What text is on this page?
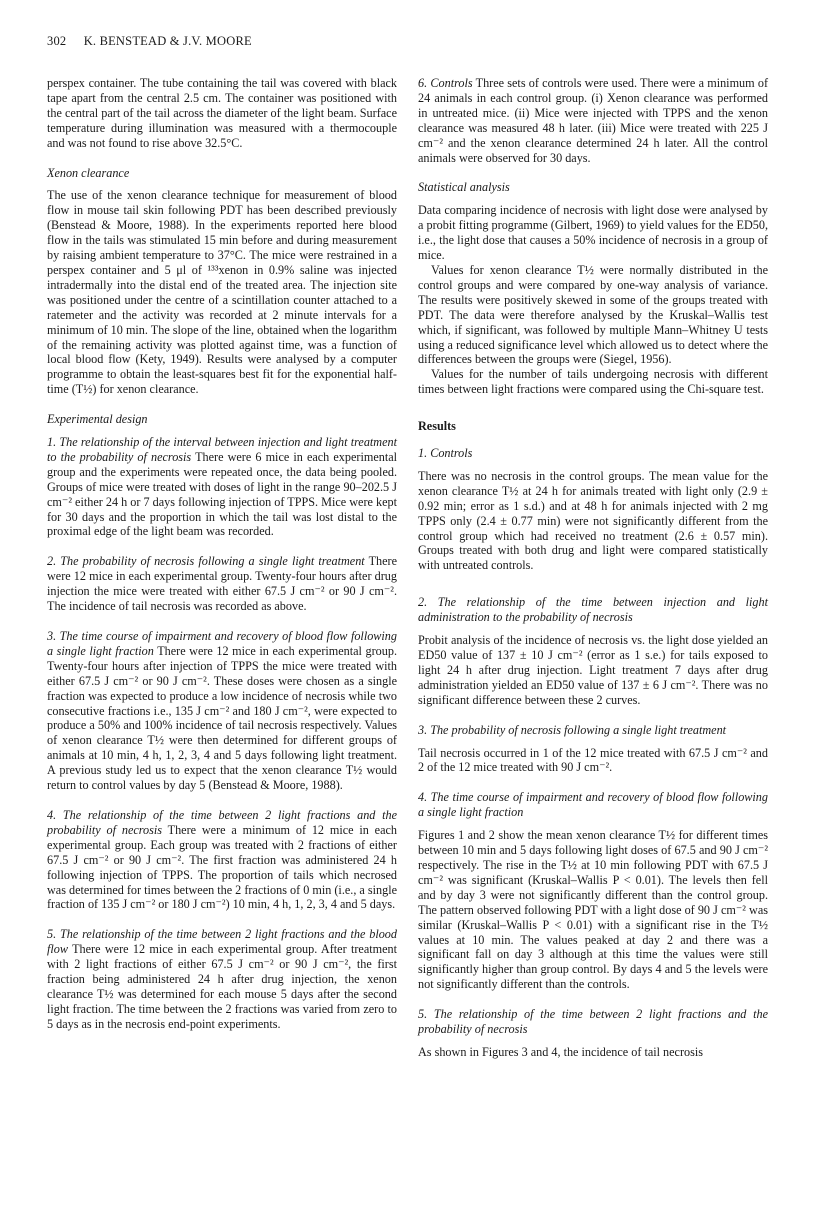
302 K. BENSTEAD & J.V. MOORE

perspex container. The tube containing the tail was covered with black tape apart from the central 2.5 cm. The container was positioned with the central part of the tail across the diameter of the light beam. Surface temperature during illumination was measured with a thermocouple and was not found to rise above 32.5°C.

Xenon clearance

The use of the xenon clearance technique for measurement of blood flow in mouse tail skin following PDT has been described previously (Benstead & Moore, 1988). In the experiments reported here blood flow in the tails was stimulated 15 min before and during measurement by raising ambient temperature to 37°C. The mice were restrained in a perspex container and 5 μl of ¹³³xenon in 0.9% saline was injected intradermally into the distal end of the treated area. The injection site was positioned under the centre of a scintillation counter attached to a ratemeter and the activity was recorded at 2 minute intervals for a minimum of 10 min. The slope of the line, obtained when the logarithm of the remaining activity was plotted against time, was a function of local blood flow (Kety, 1949). Results were analysed by a computer programme to obtain the least-squares best fit for the exponential half-time (T½) for xenon clearance.

Experimental design

1. The relationship of the interval between injection and light treatment to the probability of necrosis There were 6 mice in each experimental group and the experiments were repeated once, the data being pooled. Groups of mice were treated with doses of light in the range 90–202.5 J cm⁻² either 24 h or 7 days following injection of TPPS. Mice were kept for 30 days and the proportion in which the tail was lost distal to the proximal edge of the light beam was recorded.

2. The probability of necrosis following a single light treatment There were 12 mice in each experimental group. Twenty-four hours after drug injection the mice were treated with either 67.5 J cm⁻² or 90 J cm⁻². The incidence of tail necrosis was recorded as above.

3. The time course of impairment and recovery of blood flow following a single light fraction There were 12 mice in each experimental group. Twenty-four hours after injection of TPPS the mice were treated with either 67.5 J cm⁻² or 90 J cm⁻². These doses were chosen as a single fraction was expected to produce a low incidence of necrosis while two consecutive fractions i.e., 135 J cm⁻² and 180 J cm⁻², were expected to produce a 50% and 100% incidence of tail necrosis respectively. Values of xenon clearance T½ were then determined for different groups of animals at 10 min, 4 h, 1, 2, 3, 4 and 5 days following light treatment. A previous study led us to expect that the xenon clearance T½ would return to control values by day 5 (Benstead & Moore, 1988).

4. The relationship of the time between 2 light fractions and the probability of necrosis There were a minimum of 12 mice in each experimental group. Each group was treated with 2 fractions of either 67.5 J cm⁻² or 90 J cm⁻². The first fraction was administered 24 h following injection of TPPS. The proportion of tails which necrosed was determined for times between the 2 fractions of 0 min (i.e., a single fraction of 135 J cm⁻² or 180 J cm⁻²) 10 min, 4 h, 1, 2, 3, 4 and 5 days.

5. The relationship of the time between 2 light fractions and the blood flow There were 12 mice in each experimental group. After treatment with 2 light fractions of either 67.5 J cm⁻² or 90 J cm⁻², the first fraction being administered 24 h after drug injection, the xenon clearance T½ was determined for each mouse 5 days after the second light fraction. The time between the 2 fractions was varied from zero to 5 days as in the necrosis end-point experiments.

6. Controls Three sets of controls were used. There were a minimum of 24 animals in each control group. (i) Xenon clearance was performed in untreated mice. (ii) Mice were injected with TPPS and the xenon clearance was measured 48 h later. (iii) Mice were treated with 225 J cm⁻² and the xenon clearance determined 24 h later. All the control animals were observed for 30 days.

Statistical analysis

Data comparing incidence of necrosis with light dose were analysed by a probit fitting programme (Gilbert, 1969) to yield values for the ED50, i.e., the light dose that causes a 50% incidence of necrosis in a group of mice.

Values for xenon clearance T½ were normally distributed in the control groups and were compared by one-way analysis of variance. The results were positively skewed in some of the groups treated with PDT. The data were therefore analysed by the Kruskal–Wallis test which, if significant, was followed by multiple Mann–Whitney U tests using a reduced significance level which allowed us to detect where the differences between the groups were (Siegel, 1956).

Values for the number of tails undergoing necrosis with different times between light fractions were compared using the Chi-square test.

Results
1. Controls

There was no necrosis in the control groups. The mean value for the xenon clearance T½ at 24 h for animals treated with light only (2.9 ± 0.92 min; error as 1 s.d.) and at 48 h for animals injected with 2 mg TPPS only (2.4 ± 0.77 min) were not significantly different from the control group which had received no treatment (2.6 ± 0.57 min). Groups treated with both drug and light were compared statistically with untreated controls.

2. The relationship of the time between injection and light administration to the probability of necrosis

Probit analysis of the incidence of necrosis vs. the light dose yielded an ED50 value of 137 ± 10 J cm⁻² (error as 1 s.e.) for tails exposed to light 24 h after drug injection. Light treatment 7 days after drug administration yielded an ED50 value of 137 ± 6 J cm⁻². There was no significant difference between these 2 curves.

3. The probability of necrosis following a single light treatment

Tail necrosis occurred in 1 of the 12 mice treated with 67.5 J cm⁻² and 2 of the 12 mice treated with 90 J cm⁻².

4. The time course of impairment and recovery of blood flow following a single light fraction

Figures 1 and 2 show the mean xenon clearance T½ for different times between 10 min and 5 days following light doses of 67.5 and 90 J cm⁻² respectively. The rise in the T½ at 10 min following PDT with 67.5 J cm⁻² was significant (Kruskal–Wallis P < 0.01). The levels then fell and by day 3 were not significantly different than the control group. The pattern observed following PDT with a light dose of 90 J cm⁻² was similar (Kruskal–Wallis P < 0.01) with a significant rise in the T½ values at 10 min. The values peaked at day 2 and there was a significant fall on day 3 although at this time the values were still significantly higher than group control. By days 4 and 5 the levels were not significantly different than the controls.

5. The relationship of the time between 2 light fractions and the probability of necrosis

As shown in Figures 3 and 4, the incidence of tail necrosis
